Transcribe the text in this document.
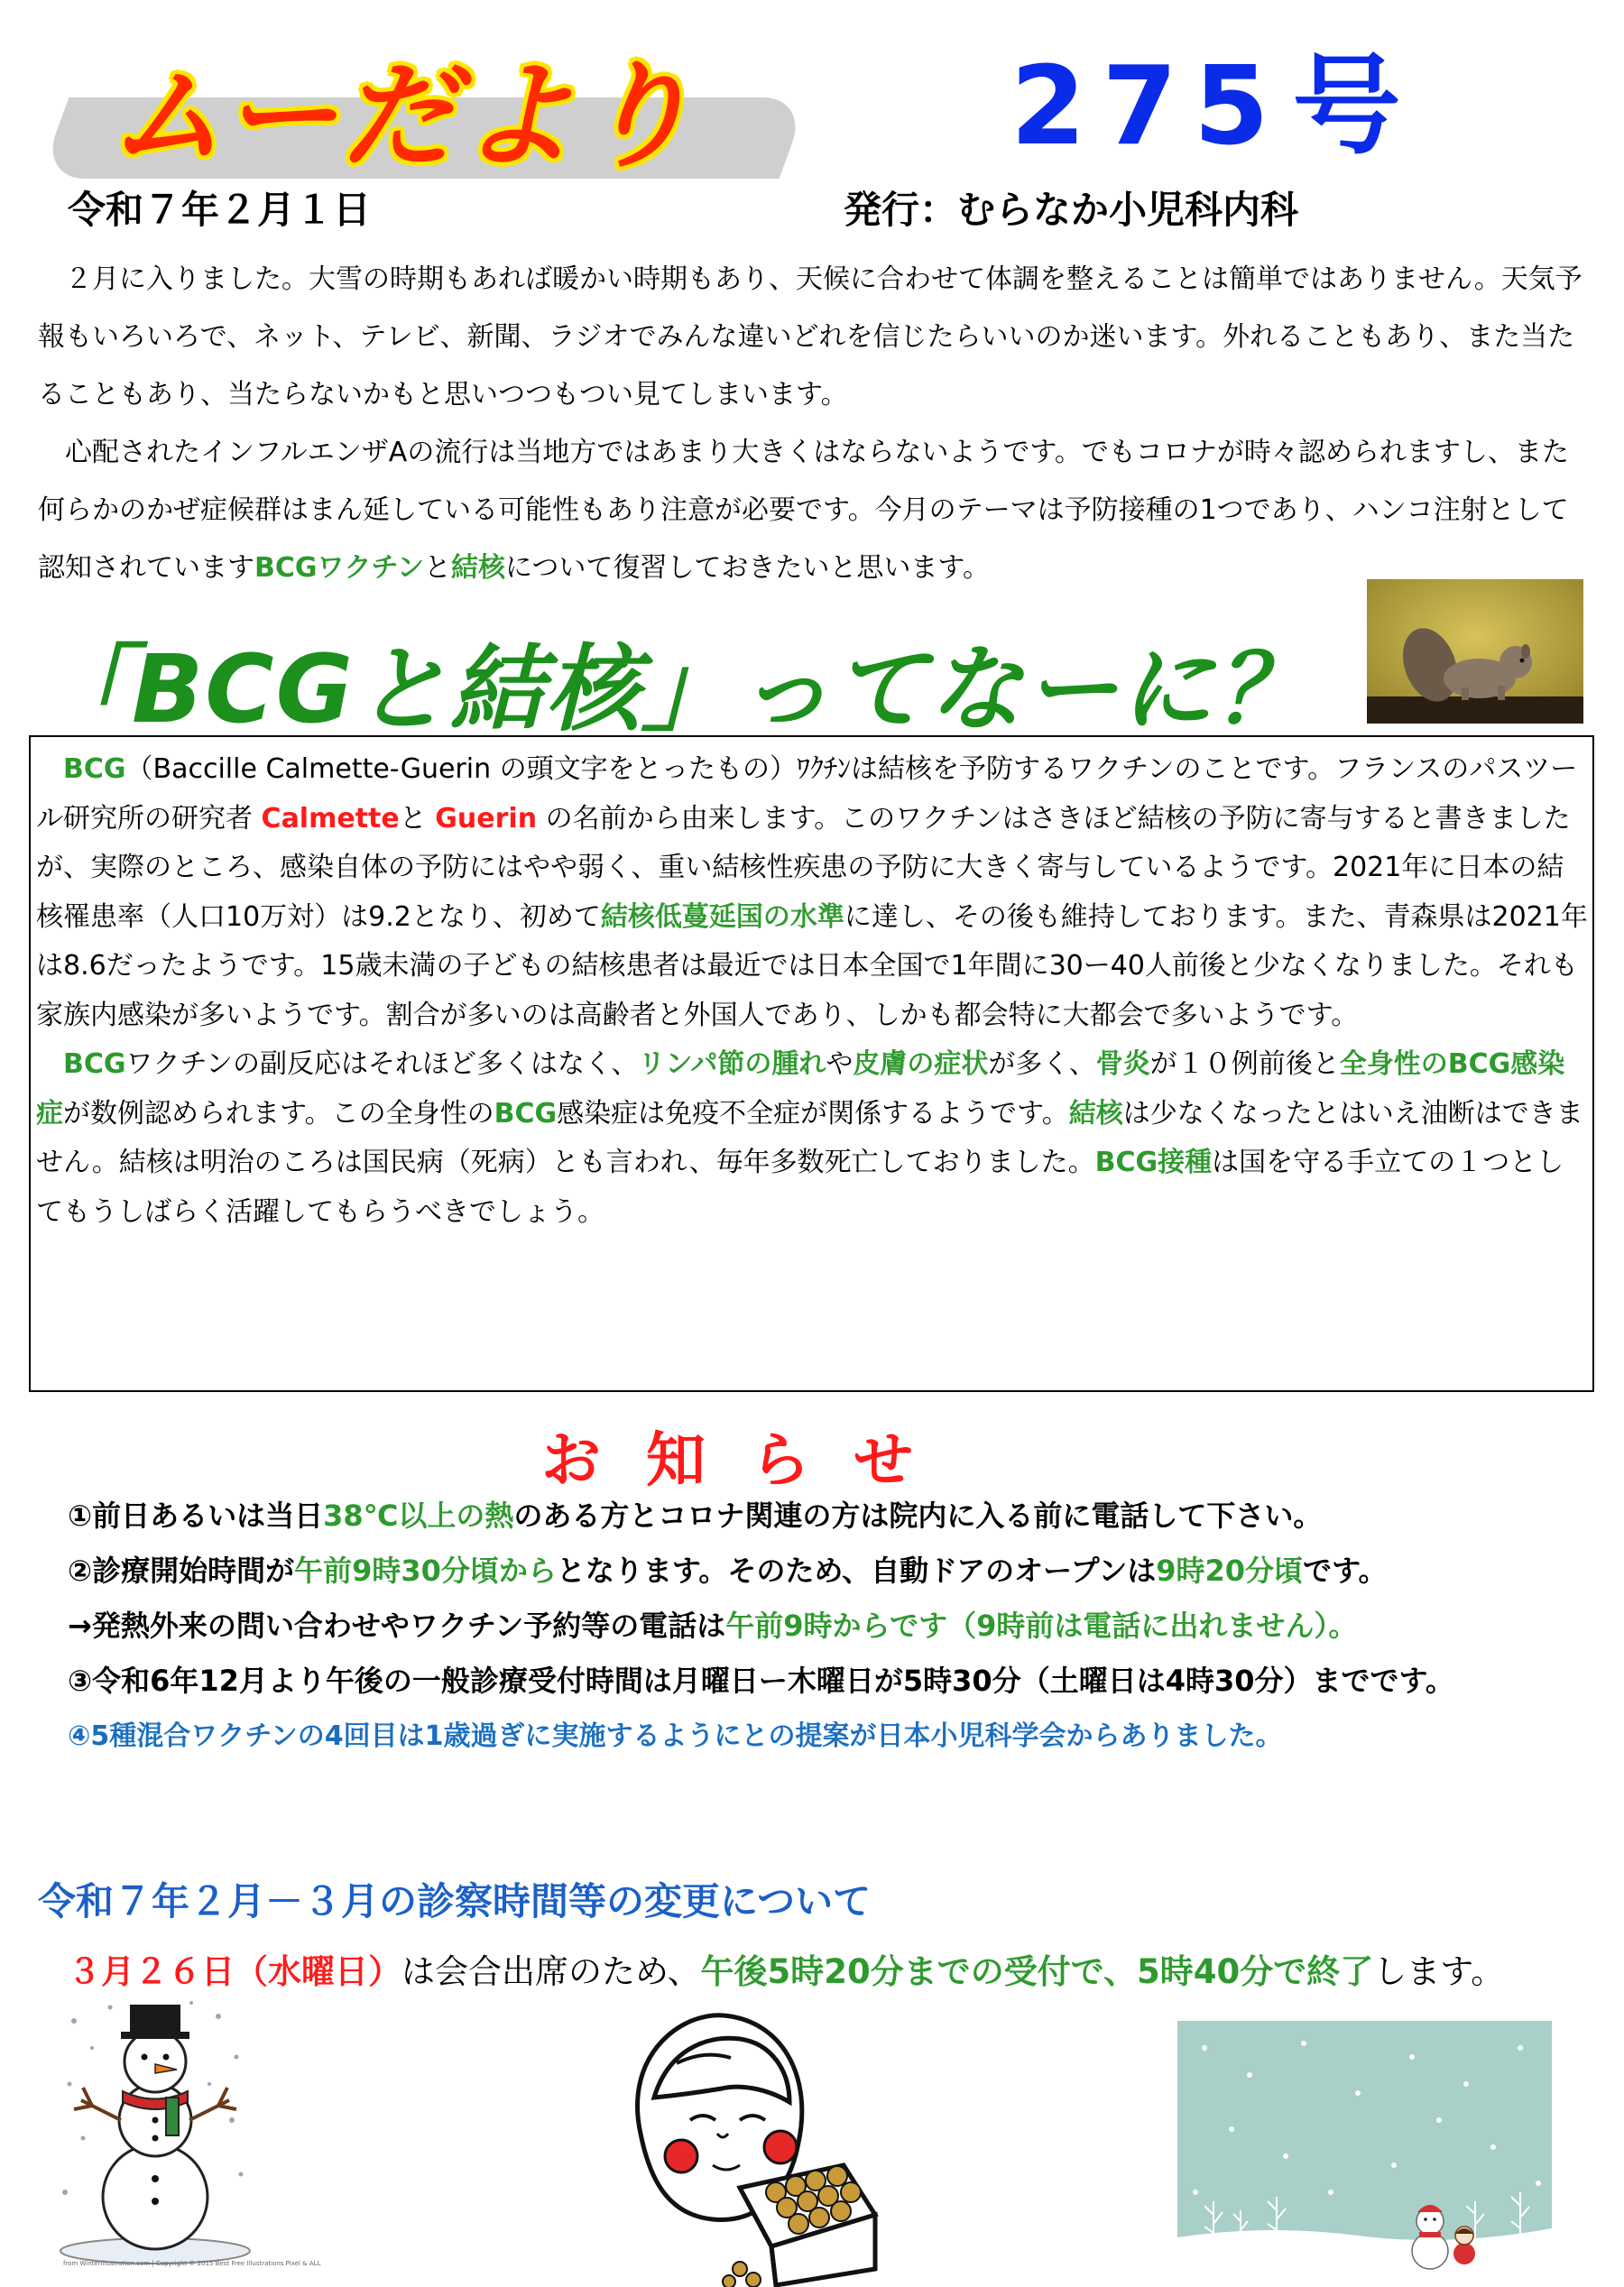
ムーだより	275号
令和７年２月１日	発行：むらなか小児科内科
　２月に入りました。大雪の時期もあれば暖かい時期もあり、天候に合わせて体調を整えることは簡単ではありません。天気予報もいろいろで、ネット、テレビ、新聞、ラジオでみんな違いどれを信じたらいいのか迷います。外れることもあり、また当たることもあり、当たらないかもと思いつつもつい見てしまいます。
　心配されたインフルエンザAの流行は当地方ではあまり大きくはならないようです。でもコロナが時々認められますし、また何らかのかぜ症候群はまん延している可能性もあり注意が必要です。今月のテーマは予防接種の1つであり、ハンコ注射として認知されていますBCGワクチンと結核について復習しておきたいと思います。
「BCGと結核」ってなーに？
　BCG（Baccille Calmette-Guerin の頭文字をとったもの）ﾜｸﾁﾝは結核を予防するワクチンのことです。フランスのパスツール研究所の研究者 Calmetteと Guerin の名前から由来します。このワクチンはさきほど結核の予防に寄与すると書きましたが、実際のところ、感染自体の予防にはやや弱く、重い結核性疾患の予防に大きく寄与しているようです。2021年に日本の結核罹患率（人口10万対）は9.2となり、初めて結核低蔓延国の水準に達し、その後も維持しております。また、青森県は2021年は8.6だったようです。15歳未満の子どもの結核患者は最近では日本全国で1年間に30ー40人前後と少なくなりました。それも家族内感染が多いようです。割合が多いのは高齢者と外国人であり、しかも都会特に大都会で多いようです。
　BCGワクチンの副反応はそれほど多くはなく、リンパ節の腫れや皮膚の症状が多く、骨炎が１０例前後と全身性のBCG感染症が数例認められます。この全身性のBCG感染症は免疫不全症が関係するようです。結核は少なくなったとはいえ油断はできません。結核は明治のころは国民病（死病）とも言われ、毎年多数死亡しておりました。BCG接種は国を守る手立ての１つとしてもうしばらく活躍してもらうべきでしょう。
お知らせ
①前日あるいは当日38℃以上の熱のある方とコロナ関連の方は院内に入る前に電話して下さい。
②診療開始時間が午前9時30分頃からとなります。そのため、自動ドアのオープンは9時20分頃です。
→発熱外来の問い合わせやワクチン予約等の電話は午前9時からです（9時前は電話に出れません）。
③令和6年12月より午後の一般診療受付時間は月曜日ー木曜日が5時30分（土曜日は4時30分）までです。
④5種混合ワクチンの4回目は1歳過ぎに実施するようにとの提案が日本小児科学会からありました。
令和７年２月－３月の診察時間等の変更について
３月２６日（水曜日）は会合出席のため、午後5時20分までの受付で、5時40分で終了します。
from WinterIllustration.com | Copyright © 2015 Best Free Illustrations Pixel & ALL
